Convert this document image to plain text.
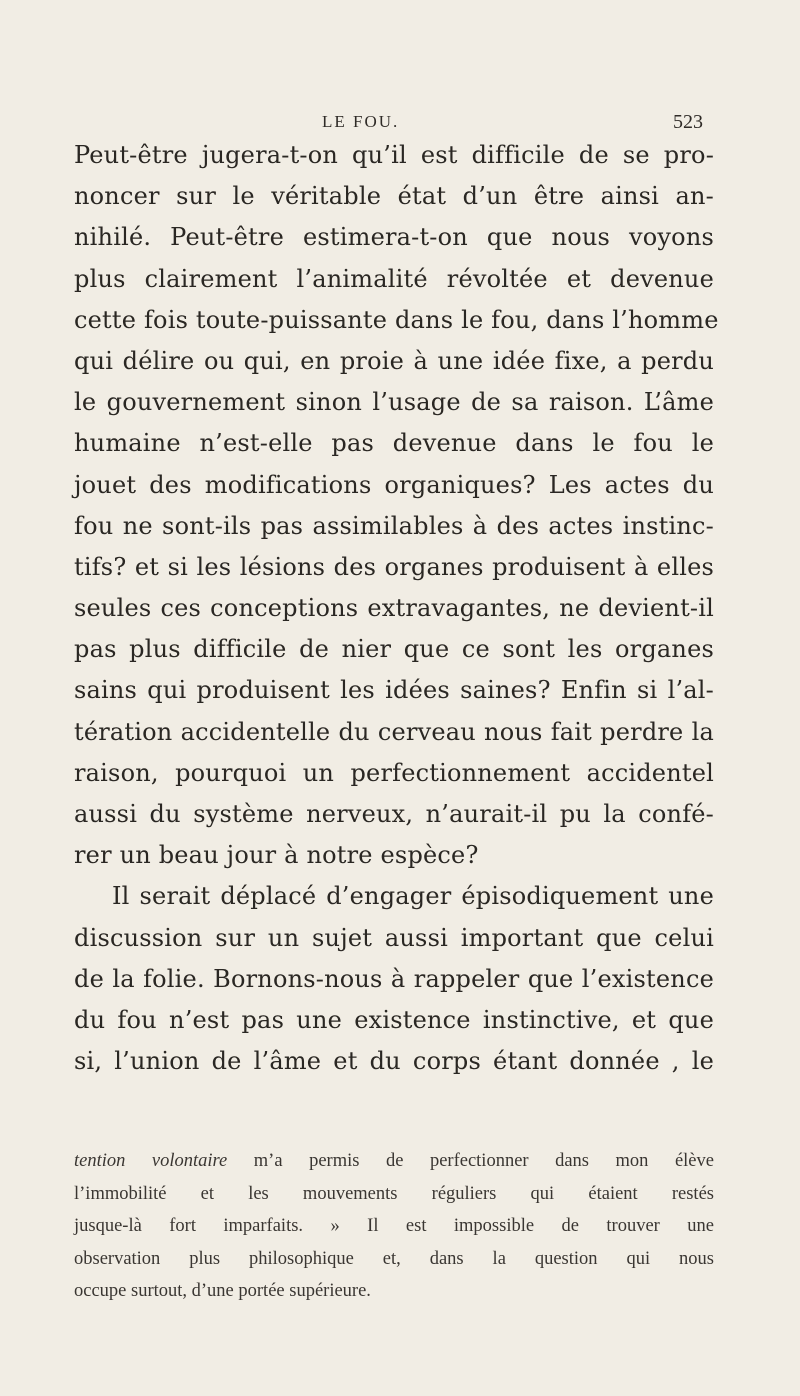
LE FOU.	523
Peut-être jugera-t-on qu’il est difficile de se pro-
noncer sur le véritable état d’un être ainsi an-
nihilé. Peut-être estimera-t-on que nous voyons
plus clairement l’animalité révoltée et devenue
cette fois toute-puissante dans le fou, dans l’homme
qui délire ou qui, en proie à une idée fixe, a perdu
le gouvernement sinon l’usage de sa raison. L’âme
humaine n’est-elle pas devenue dans le fou le
jouet des modifications organiques? Les actes du
fou ne sont-ils pas assimilables à des actes instinc-
tifs? et si les lésions des organes produisent à elles
seules ces conceptions extravagantes, ne devient-il
pas plus difficile de nier que ce sont les organes
sains qui produisent les idées saines? Enfin si l’al-
tération accidentelle du cerveau nous fait perdre la
raison, pourquoi un perfectionnement accidentel
aussi du système nerveux, n’aurait-il pu la confé-
rer un beau jour à notre espèce?
Il serait déplacé d’engager épisodiquement une
discussion sur un sujet aussi important que celui
de la folie. Bornons-nous à rappeler que l’existence
du fou n’est pas une existence instinctive, et que
si, l’union de l’âme et du corps étant donnée , le
tention volontaire m’a permis de perfectionner dans mon élève
l’immobilité et les mouvements réguliers qui étaient restés
jusque-là fort imparfaits. » Il est impossible de trouver une
observation plus philosophique et, dans la question qui nous
occupe surtout, d’une portée supérieure.
